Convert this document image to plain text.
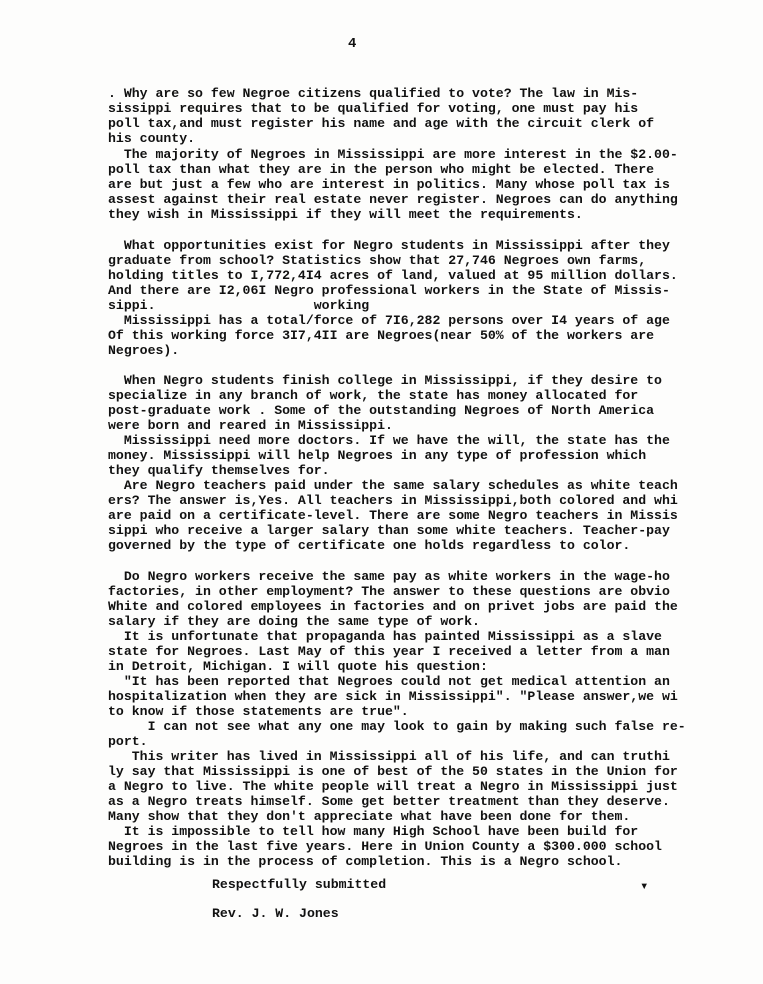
4
. Why are so few Negroe citizens qualified to vote? The law in Mis-
sissippi requires that to be qualified for voting, one must pay his
poll tax,and must register his name and age with the circuit clerk of
his county.
The majority of Negroes in Mississippi are more interest in the $2.00-
poll tax than what they are in the person who might be elected. There
are but just a few who are interest in politics. Many whose poll tax is
assest against their real estate never register. Negroes can do anything
they wish in Mississippi if they will meet the requirements.
What opportunities exist for Negro students in Mississippi after they
graduate from school? Statistics show that 27,746 Negroes own farms,
holding titles to I,772,4I4 acres of land, valued at 95 million dollars.
And there are I2,06I Negro professional workers in the State of Missis-
sippi.                    working
Mississippi has a total/force of 7I6,282 persons over I4 years of age
Of this working force 3I7,4II are Negroes(near 50% of the workers are
Negroes).
When Negro students finish college in Mississippi, if they desire to
specialize in any branch of work, the state has money allocated for
post-graduate work . Some of the outstanding Negroes of North America
were born and reared in Mississippi.
Mississippi need more doctors. If we have the will, the state has the
money. Mississippi will help Negroes in any type of profession which
they qualify themselves for.
Are Negro teachers paid under the same salary schedules as white teach
ers? The answer is,Yes. All teachers in Mississippi,both colored and whi
are paid on a certificate-level. There are some Negro teachers in Missis
sippi who receive a larger salary than some white teachers. Teacher-pay
governed by the type of certificate one holds regardless to color.
Do Negro workers receive the same pay as white workers in the wage-ho
factories, in other employment? The answer to these questions are obvio
White and colored employees in factories and on privet jobs are paid the
salary if they are doing the same type of work.
It is unfortunate that propaganda has painted Mississippi as a slave
state for Negroes. Last May of this year I received a letter from a man
in Detroit, Michigan. I will quote his question:
"It has been reported that Negroes could not get medical attention an
hospitalization when they are sick in Mississippi". "Please answer,we wi
to know if those statements are true".
I can not see what any one may look to gain by making such false re-
port.
This writer has lived in Mississippi all of his life, and can truthi
ly say that Mississippi is one of best of the 50 states in the Union for
a Negro to live. The white people will treat a Negro in Mississippi just
as a Negro treats himself. Some get better treatment than they deserve.
Many show that they don't appreciate what have been done for them.
It is impossible to tell how many High School have been build for
Negroes in the last five years. Here in Union County a $300.000 school
building is in the process of completion. This is a Negro school.
Respectfully submitted
Rev. J. W. Jones
▾
